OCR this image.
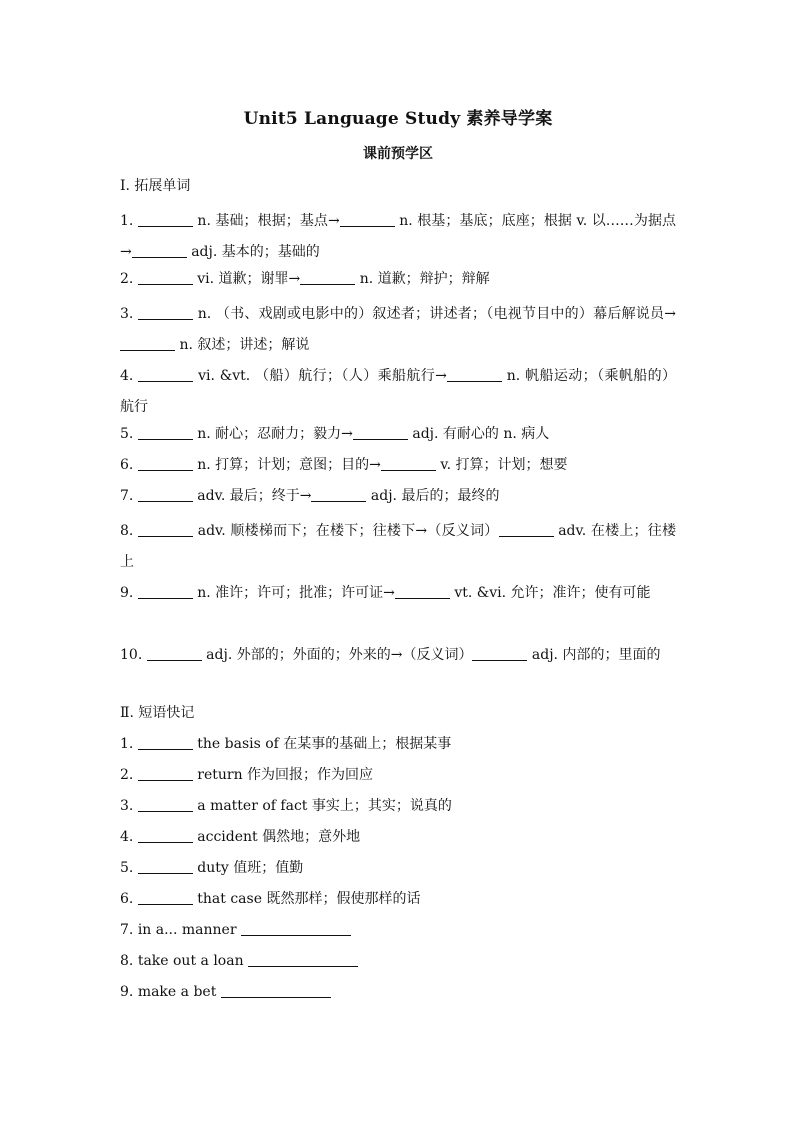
Unit5 Language Study 素养导学案
课前预学区
I. 拓展单词
1.	n. 基础；根据；基点→	n. 根基；基底；底座；根据 v. 以……为据点→	adj. 基本的；基础的
2.	vi. 道歉；谢罪→	n. 道歉；辩护；辩解
3.	n. （书、戏剧或电影中的）叙述者；讲述者；（电视节目中的）幕后解说员→ n. 叙述；讲述；解说
4.	vi. &vt. （船）航行；（人）乘船航行→	n. 帆船运动；（乘帆船的）航行
5.	n. 耐心；忍耐力；毅力→	adj. 有耐心的 n. 病人
6.	n. 打算；计划；意图；目的→	v. 打算；计划；想要
7.	adv. 最后；终于→	adj. 最后的；最终的
8.	adv. 顺楼梯而下；在楼下；往楼下→（反义词）	adv. 在楼上；往楼上
9.	n. 准许；许可；批准；许可证→	vt. &vi. 允许；准许；使有可能
10.	adj. 外部的；外面的；外来的→（反义词）	adj. 内部的；里面的
Ⅱ. 短语快记
1.	the basis of 在某事的基础上；根据某事
2.	return 作为回报；作为回应
3.	a matter of fact 事实上；其实；说真的
4.	accident 偶然地；意外地
5.	duty 值班；值勤
6.	that case 既然那样；假使那样的话
7. in a... manner
8. take out a loan
9. make a bet
